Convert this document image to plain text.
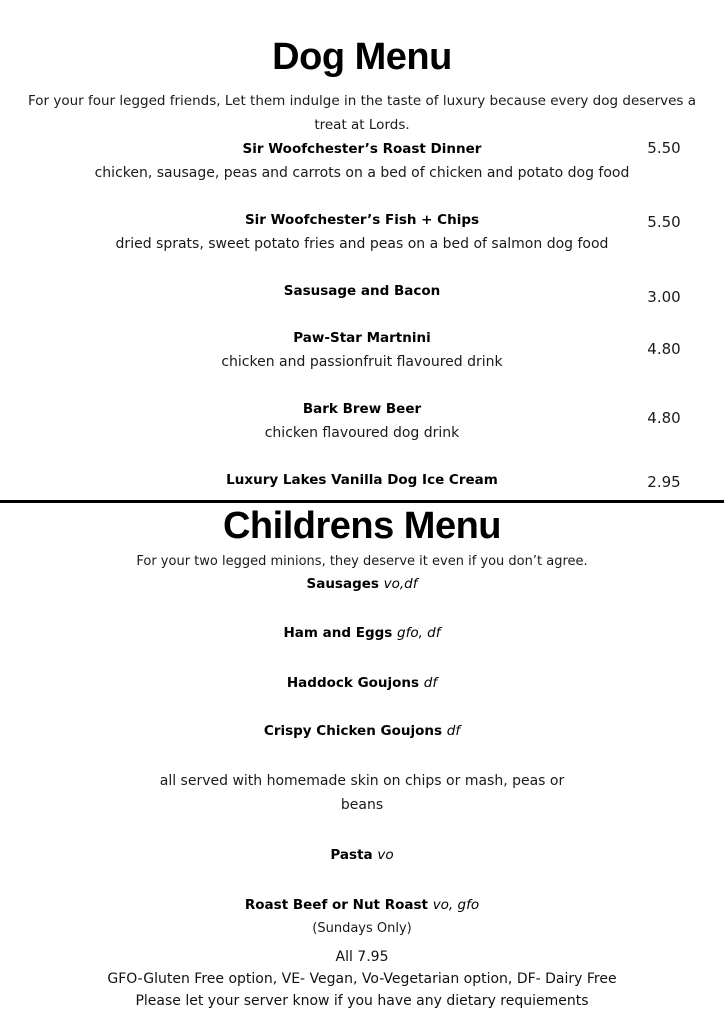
Dog Menu
For your four legged friends, Let them indulge in the taste of luxury because every dog deserves a
treat at Lords.
Sir Woofchester’s Roast Dinner
chicken, sausage, peas and carrots on a bed of chicken and potato dog food
5.50
Sir Woofchester’s Fish + Chips
dried sprats, sweet potato fries and peas on a bed of salmon dog food
5.50
Sasusage and Bacon	3.00
Paw-Star Martnini
chicken and passionfruit flavoured drink
4.80
Bark Brew Beer
chicken flavoured dog drink
4.80
Luxury Lakes Vanilla Dog Ice Cream	2.95
Childrens Menu
For your two legged minions, they deserve it even if you don’t agree.
Sausages vo,df
Ham and Eggs gfo, df
Haddock Goujons df
Crispy Chicken Goujons df
all served with homemade skin on chips or mash, peas or
beans
Pasta vo
Roast Beef or Nut Roast vo, gfo
(Sundays Only)
All 7.95
GFO-Gluten Free option, VE- Vegan, Vo-Vegetarian option, DF- Dairy Free
Please let your server know if you have any dietary requiements
